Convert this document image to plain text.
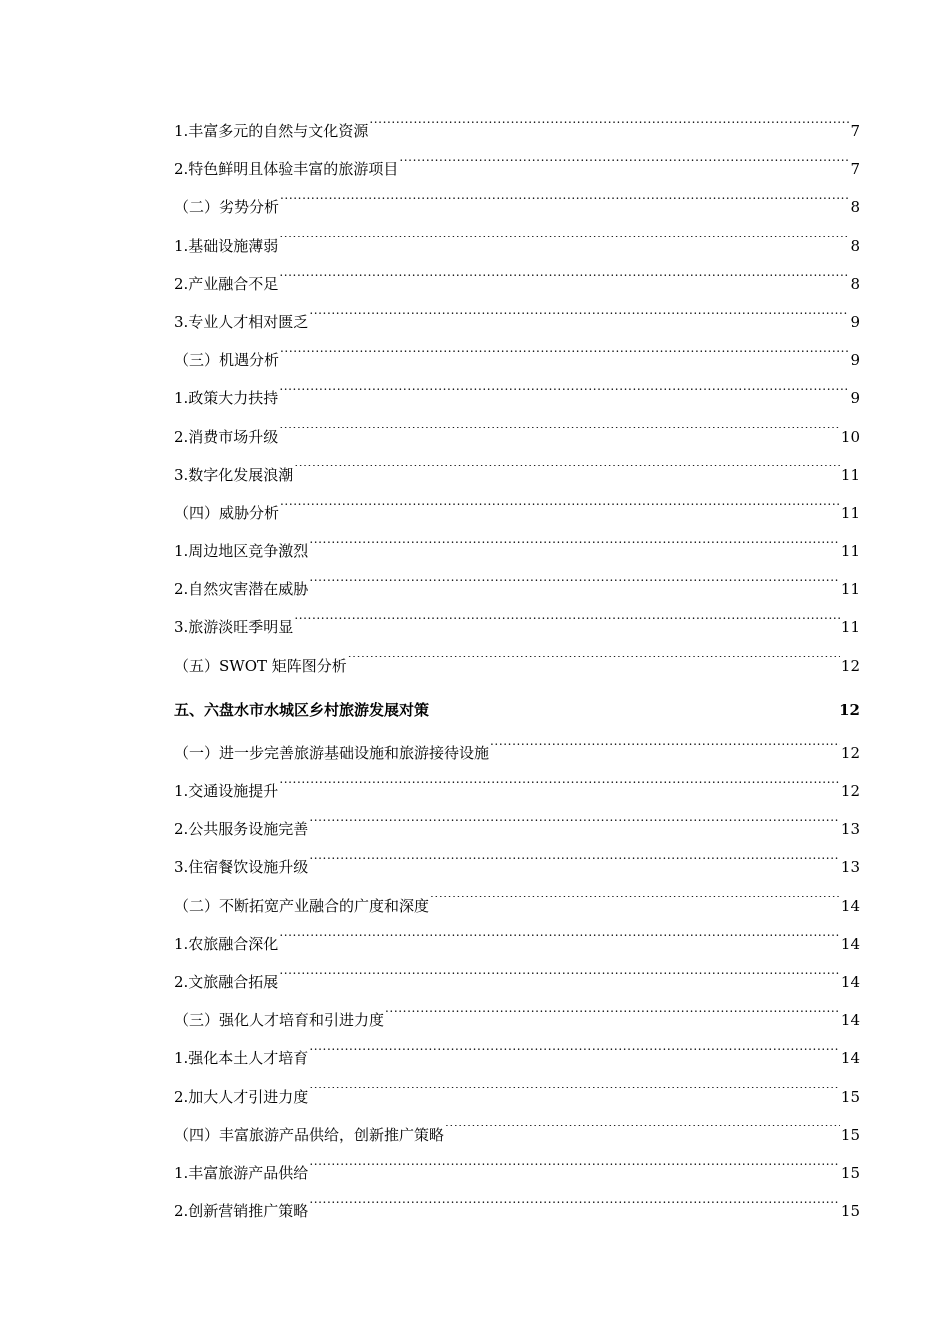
1.丰富多元的自然与文化资源 .....	7
2.特色鲜明且体验丰富的旅游项目 .....	7
（二）劣势分析 .....	8
1.基础设施薄弱 .....	8
2.产业融合不足 .....	8
3.专业人才相对匮乏 .....	9
（三）机遇分析 .....	9
1.政策大力扶持 .....	9
2.消费市场升级 .....	10
3.数字化发展浪潮 .....	11
（四）威胁分析 .....	11
1.周边地区竞争激烈 .....	11
2.自然灾害潜在威胁 .....	11
3.旅游淡旺季明显 .....	11
（五）SWOT 矩阵图分析 .....	12
五、六盘水市水城区乡村旅游发展对策 .....	12
（一）进一步完善旅游基础设施和旅游接待设施 .....	12
1.交通设施提升 .....	12
2.公共服务设施完善 .....	13
3.住宿餐饮设施升级 .....	13
（二）不断拓宽产业融合的广度和深度 .....	14
1.农旅融合深化 .....	14
2.文旅融合拓展 .....	14
（三）强化人才培育和引进力度 .....	14
1.强化本土人才培育 .....	14
2.加大人才引进力度 .....	15
（四）丰富旅游产品供给，创新推广策略 .....	15
1.丰富旅游产品供给 .....	15
2.创新营销推广策略 .....	15
